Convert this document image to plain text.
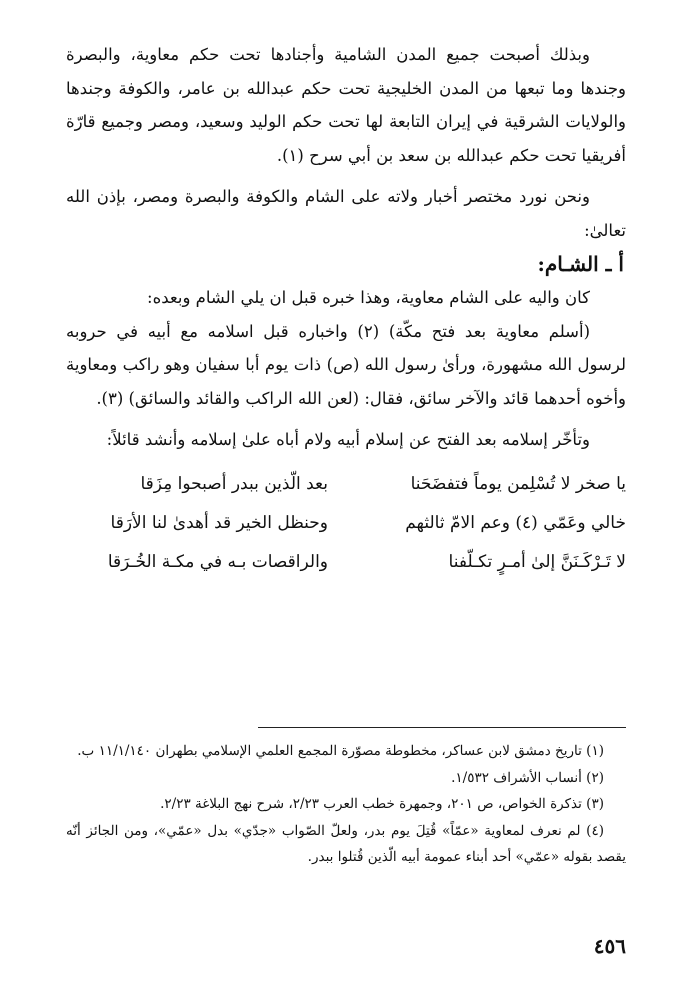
وبذلك أصبحت جميع المدن الشامية وأجنادها تحت حكم معاوية، والبصرة وجندها وما تبعها من المدن الخليجية تحت حكم عبدالله بن عامر، والكوفة وجندها والولايات الشرقية في إيران التابعة لها تحت حكم الوليد وسعيد، ومصر وجميع قارّة أفريقيا تحت حكم عبدالله بن سعد بن أبي سرح (١).

ونحن نورد مختصر أخبار ولاته على الشام والكوفة والبصرة ومصر، بإذن الله تعالىٰ:

أ ـ الشـام:

كان واليه على الشام معاوية، وهذا خبره قبل ان يلي الشام وبعده:

(أسلم معاوية بعد فتح مكّة) (٢) واخباره قبل اسلامه مع أبيه في حروبه لرسول الله مشهورة، ورأىٰ رسول الله (ص) ذات يوم أبا سفيان وهو راكب ومعاوية وأخوه أحدهما قائد والآخر سائق، فقال: (لعن الله الراكب والقائد والسائق) (٣).

وتأخّر إسلامه بعد الفتح عن إسلام أبيه ولام أباه علىٰ إسلامه وأنشد قائلاً:

يا صخر لا تُسْلِمن يوماً فتفضَحَنا
بعد الّذين ببدر أصبحوا مِزَقا
خالي وعَمّي (٤) وعم الامّ ثالثهم
وحنظل الخير قد أهدىٰ لنا الأرَقا
لا تَـرْكَـنَنَّ إلىٰ أمـرٍ تكـلّفنا
والراقصات بـه في مكـة الخُـرَقا

(١) تاريخ دمشق لابن عساكر، مخطوطة مصوّرة المجمع العلمي الإسلامي بطهران ١١/١/١٤٠ ب.

(٢) أنساب الأشراف ١/٥٣٢.

(٣) تذكرة الخواص، ص ٢٠١، وجمهرة خطب العرب ٢/٢٣، شرح نهج البلاغة ٢/٢٣.

(٤) لم نعرف لمعاوية «عمّاً» قُتِلَ يوم بدر، ولعلّ الصّواب «جدّي» بدل «عمّي»، ومن الجائز أنّه يقصد بقوله «عمّي» أحد أبناء عمومة أبيه الّذين قُتلوا ببدر.

٤٥٦
